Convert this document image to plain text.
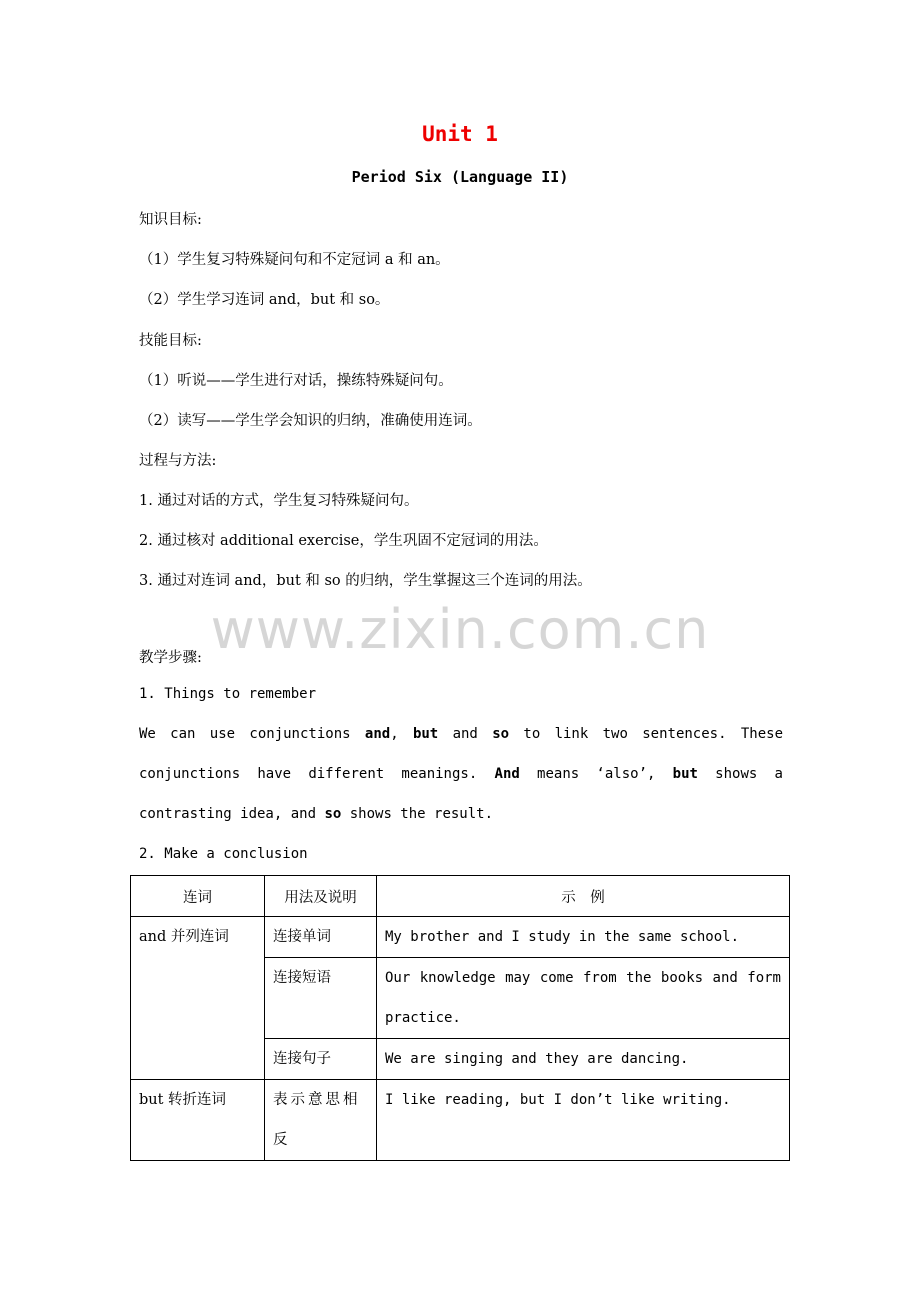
Unit 1
Period Six (Language II)
知识目标:
（1）学生复习特殊疑问句和不定冠词 a 和 an。
（2）学生学习连词 and，but 和 so。
技能目标:
（1）听说——学生进行对话，操练特殊疑问句。
（2）读写——学生学会知识的归纳，准确使用连词。
过程与方法:
1. 通过对话的方式，学生复习特殊疑问句。
2. 通过核对 additional exercise，学生巩固不定冠词的用法。
3. 通过对连词 and，but 和 so 的归纳，学生掌握这三个连词的用法。
www.zixin.com.cn
教学步骤:
1. Things to remember
We can use conjunctions and, but and so to link two sentences. These conjunctions have different meanings. And means ‘also’, but shows a contrasting idea, and so shows the result.
2. Make a conclusion
连词	用法及说明	示　例
and 并列连词	连接单词	My brother and I study in the same school.
	连接短语	Our knowledge may come from the books and form practice.
	连接句子	We are singing and they are dancing.
but 转折连词	表示意思相反	I like reading, but I don’t like writing.
